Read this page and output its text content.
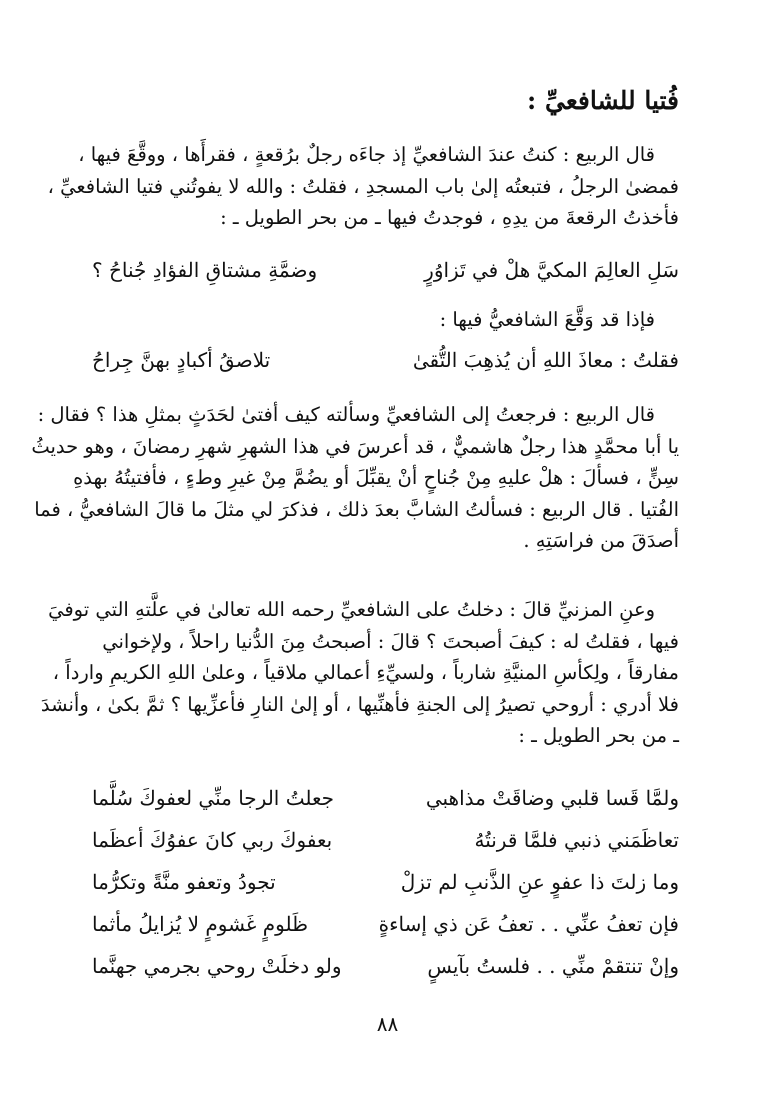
فُتيا للشافعيِّ :
قال الربيع : كنتُ عندَ الشافعيِّ إذ جاءَه رجلٌ برُقعةٍ ، فقرأَها ، ووقَّعَ فيها ،
فمضىٰ الرجلُ ، فتبعتُه إلىٰ باب المسجدِ ، فقلتُ : والله لا يفوتُني فتيا الشافعيِّ ،
فأخذتُ الرقعةَ من يدِهِ ، فوجدتُ فيها ـ من بحر الطويل ـ :
سَلِ العالِمَ المكيَّ هلْ في تَزاوُرٍ
وضمَّةِ مشتاقِ الفؤادِ جُناحُ ؟
فإذا قد وَقَّعَ الشافعيُّ فيها :
فقلتُ : معاذَ اللهِ أن يُذهِبَ التُّقىٰ
تلاصقُ أكبادٍ بهنَّ جِراحُ
قال الربيع : فرجعتُ إلى الشافعيِّ وسألته كيف أفتىٰ لحَدَثٍ بمثلِ هذا ؟ فقال :
يا أبا محمَّدٍ هذا رجلٌ هاشميٌّ ، قد أعرسَ في هذا الشهرِ شهرِ رمضانَ ، وهو حديثُ
سِنٍّ ، فسألَ : هلْ عليهِ مِنْ جُناحٍ أنْ يقبِّلَ أو يضُمَّ مِنْ غيرِ وطءٍ ، فأفتيتُهُ بهذهِ
الفُتيا . قال الربيع : فسألتُ الشابَّ بعدَ ذلك ، فذكرَ لي مثلَ ما قالَ الشافعيُّ ، فما
أصدَقَ من فراسَتِهِ .
وعنِ المزنيِّ قالَ : دخلتُ على الشافعيِّ رحمه الله تعالىٰ في علَّتهِ التي توفيَ
فيها ، فقلتُ له : كيفَ أصبحتَ ؟ قالَ : أصبحتُ مِنَ الدُّنيا راحلاً ، ولإخواني
مفارقاً ، ولِكأسِ المنيَّةِ شارباً ، ولسيِّءِ أعمالي ملاقياً ، وعلىٰ اللهِ الكريمِ وارداً ،
فلا أدري : أروحي تصيرُ إلى الجنةِ فأهنِّيها ، أو إلىٰ النارِ فأعزِّيها ؟ ثمَّ بكىٰ ، وأنشدَ
ـ من بحر الطويل ـ :
ولمَّا قَسا قلبي وضاقَتْ مذاهبي
جعلتُ الرجا منِّي لعفوكَ سُلَّما
تعاظَمَني ذنبي فلمَّا قرنتُهُ
بعفوكَ ربي كانَ عفوُكَ أعظَما
وما زلتَ ذا عفوٍ عنِ الذَّنبِ لم تزلْ
تجودُ وتعفو منَّةً وتكرُّما
فإن تعفُ عنِّي . . تعفُ عَن ذي إساءةٍ
ظَلومٍ غَشومٍ لا يُزايلُ مأثما
وإنْ تنتقمْ منِّي . . فلستُ بآيسٍ
ولو دخلَتْ روحي بجرمي جهنَّما
٨٨
